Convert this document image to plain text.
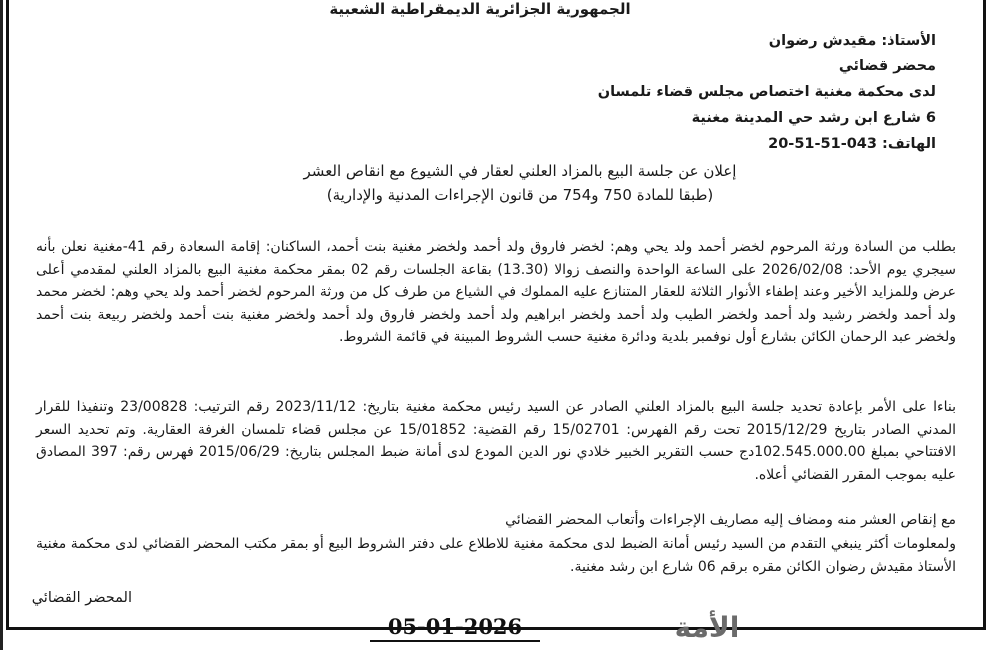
الجمهورية الجزائرية الديمقراطية الشعبية
الأستاذ: مقيدش رضوان
محضر قضائي
لدى محكمة مغنية اختصاص مجلس قضاء تلمسان
6 شارع ابن رشد حي المدينة مغنية
الهاتف: 20-51-51-043
إعلان عن جلسة البيع بالمزاد العلني لعقار في الشيوع مع انقاص العشر
(طبقا للمادة 750 و754 من قانون الإجراءات المدنية والإدارية)
بطلب من السادة ورثة المرحوم لخضر أحمد ولد يحي وهم: لخضر فاروق ولد أحمد ولخضر مغنية بنت أحمد، الساكنان: إقامة السعادة رقم 41-مغنية نعلن بأنه سيجري يوم الأحد: 2026/02/08 على الساعة الواحدة والنصف زوالا (13.30) بقاعة الجلسات رقم 02 بمقر محكمة مغنية البيع بالمزاد العلني لمقدمي أعلى عرض وللمزايد الأخير وعند إطفاء الأنوار الثلاثة للعقار المتنازع عليه المملوك في الشياع من طرف كل من ورثة المرحوم لخضر أحمد ولد يحي وهم: لخضر محمد ولد أحمد ولخضر رشيد ولد أحمد ولخضر الطيب ولد أحمد ولخضر ابراهيم ولد أحمد ولخضر فاروق ولد أحمد ولخضر مغنية بنت أحمد ولخضر ربيعة بنت أحمد ولخضر عبد الرحمان الكائن بشارع أول نوفمبر بلدية ودائرة مغنية حسب الشروط المبينة في قائمة الشروط.
بناءا على الأمر بإعادة تحديد جلسة البيع بالمزاد العلني الصادر عن السيد رئيس محكمة مغنية بتاريخ: 2023/11/12 رقم الترتيب: 23/00828 وتنفيذا للقرار المدني الصادر بتاريخ 2015/12/29 تحت رقم الفهرس: 15/02701 رقم القضية: 15/01852 عن مجلس قضاء تلمسان الغرفة العقارية. وتم تحديد السعر الافتتاحي بمبلغ 102.545.000.00دج حسب التقرير الخبير خلادي نور الدين المودع لدى أمانة ضبط المجلس بتاريخ: 2015/06/29 فهرس رقم: 397 المصادق عليه بموجب المقرر القضائي أعلاه.
مع إنقاص العشر منه ومضاف إليه مصاريف الإجراءات وأتعاب المحضر القضائي
ولمعلومات أكثر ينبغي التقدم من السيد رئيس أمانة الضبط لدى محكمة مغنية للاطلاع على دفتر الشروط البيع أو بمقر مكتب المحضر القضائي لدى محكمة مغنية الأستاذ مقيدش رضوان الكائن مقره برقم 06 شارع ابن رشد مغنية.
المحضر القضائي
الأمة
05-01-2026
